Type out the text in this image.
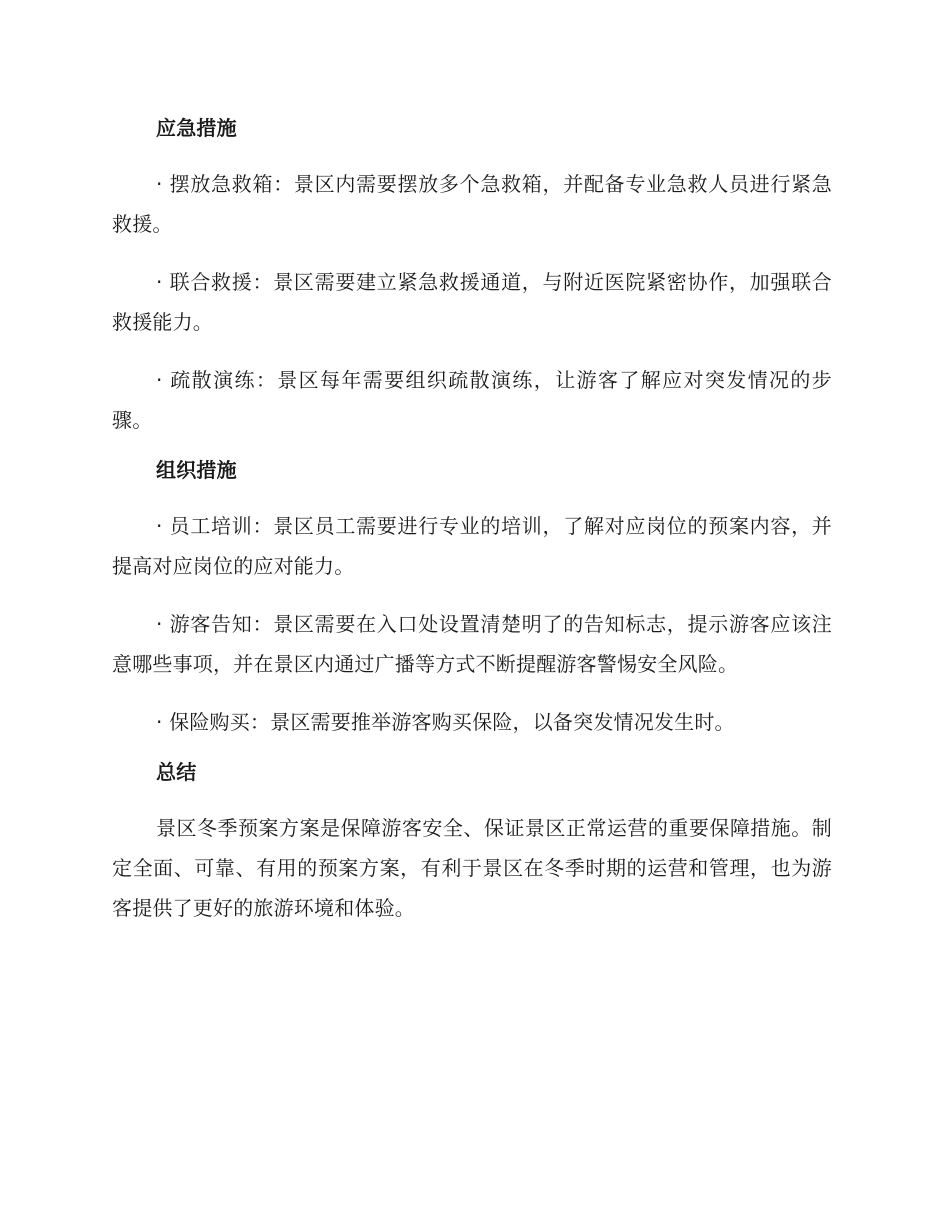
应急措施

· 摆放急救箱：景区内需要摆放多个急救箱，并配备专业急救人员进行紧急救援。

· 联合救援：景区需要建立紧急救援通道，与附近医院紧密协作，加强联合救援能力。

· 疏散演练：景区每年需要组织疏散演练，让游客了解应对突发情况的步骤。

组织措施

· 员工培训：景区员工需要进行专业的培训，了解对应岗位的预案内容，并提高对应岗位的应对能力。

· 游客告知：景区需要在入口处设置清楚明了的告知标志，提示游客应该注意哪些事项，并在景区内通过广播等方式不断提醒游客警惕安全风险。

· 保险购买：景区需要推举游客购买保险，以备突发情况发生时。

总结

景区冬季预案方案是保障游客安全、保证景区正常运营的重要保障措施。制定全面、可靠、有用的预案方案，有利于景区在冬季时期的运营和管理，也为游客提供了更好的旅游环境和体验。
